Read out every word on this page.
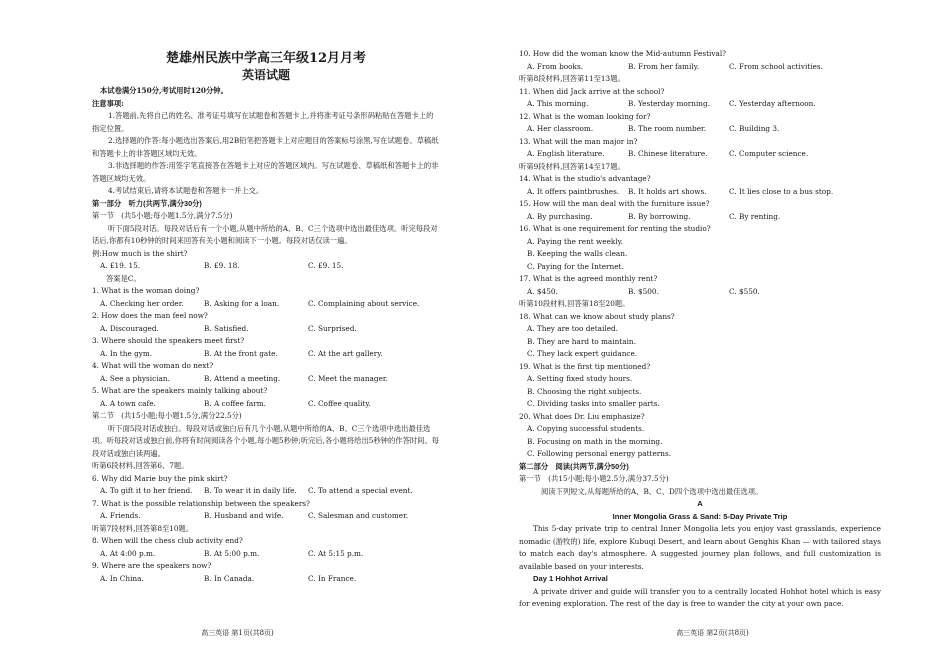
楚雄州民族中学高三年级12月月考
英语试题
本试卷满分150分,考试用时120分钟。
注意事项:
1.答题前,先将自己的姓名、准考证号填写在试题卷和答题卡上,并将准考证号条形码粘贴在答题卡上的指定位置。
2.选择题的作答:每小题选出答案后,用2B铅笔把答题卡上对应题目的答案标号涂黑,写在试题卷、草稿纸和答题卡上的非答题区域均无效。
3.非选择题的作答:用签字笔直接答在答题卡上对应的答题区域内。写在试题卷、草稿纸和答题卡上的非答题区域均无效。
4.考试结束后,请将本试题卷和答题卡一并上交。
第一部分　听力(共两节,满分30分)
第一节　(共5小题;每小题1.5分,满分7.5分)
听下面5段对话。每段对话后有一个小题,从题中所给的A、B、C三个选项中选出最佳选项。听完每段对话后,你都有10秒钟的时间来回答有关小题和阅读下一小题。每段对话仅读一遍。
例:How much is the shirt?
A. £19. 15.	B. £9. 18.	C. £9. 15.
答案是C。
1. What is the woman doing?
A. Checking her order.	B. Asking for a loan.	C. Complaining about service.
2. How does the man feel now?
A. Discouraged.	B. Satisfied.	C. Surprised.
3. Where should the speakers meet first?
A. In the gym.	B. At the front gate.	C. At the art gallery.
4. What will the woman do next?
A. See a physician.	B. Attend a meeting.	C. Meet the manager.
5. What are the speakers mainly talking about?
A. A town cafe.	B. A coffee farm.	C. Coffee quality.
第二节　(共15小题;每小题1.5分,满分22.5分)
听下面5段对话或独白。每段对话或独白后有几个小题,从题中所给的A、B、C三个选项中选出最佳选项。听每段对话或独白前,你将有时间阅读各个小题,每小题5秒钟;听完后,各小题将给出5秒钟的作答时间。每段对话或独白读两遍。
听第6段材料,回答第6、7题。
6. Why did Marie buy the pink skirt?
A. To gift it to her friend.	B. To wear it in daily life.	C. To attend a special event.
7. What is the possible relationship between the speakers?
A. Friends.	B. Husband and wife.	C. Salesman and customer.
听第7段材料,回答第8至10题。
8. When will the chess club activity end?
A. At 4:00 p.m.	B. At 5:00 p.m.	C. At 5:15 p.m.
9. Where are the speakers now?
A. In China.	B. In Canada.	C. In France.
高三英语 第1页(共8页)
10. How did the woman know the Mid-autumn Festival?
A. From books.	B. From her family.	C. From school activities.
听第8段材料,回答第11至13题。
11. When did Jack arrive at the school?
A. This morning.	B. Yesterday morning.	C. Yesterday afternoon.
12. What is the woman looking for?
A. Her classroom.	B. The room number.	C. Building 3.
13. What will the man major in?
A. English literature.	B. Chinese literature.	C. Computer science.
听第9段材料,回答第14至17题。
14. What is the studio's advantage?
A. It offers paintbrushes.	B. It holds art shows.	C. It lies close to a bus stop.
15. How will the man deal with the furniture issue?
A. By purchasing.	B. By borrowing.	C. By renting.
16. What is one requirement for renting the studio?
A. Paying the rent weekly.
B. Keeping the walls clean.
C. Paying for the Internet.
17. What is the agreed monthly rent?
A. $450.	B. $500.	C. $550.
听第10段材料,回答第18至20题。
18. What can we know about study plans?
A. They are too detailed.
B. They are hard to maintain.
C. They lack expert guidance.
19. What is the first tip mentioned?
A. Setting fixed study hours.
B. Choosing the right subjects.
C. Dividing tasks into smaller parts.
20. What does Dr. Liu emphasize?
A. Copying successful students.
B. Focusing on math in the morning.
C. Following personal energy patterns.
第二部分　阅读(共两节,满分50分)
第一节　(共15小题;每小题2.5分,满分37.5分)
阅读下列短文,从每题所给的A、B、C、D四个选项中选出最佳选项。
A
Inner Mongolia Grass & Sand: 5-Day Private Trip
This 5-day private trip to central Inner Mongolia lets you enjoy vast grasslands, experience nomadic (游牧的) life, explore Kubuqi Desert, and learn about Genghis Khan — with tailored stays to match each day's atmosphere. A suggested journey plan follows, and full customization is available based on your interests.
Day 1 Hohhot Arrival
A private driver and guide will transfer you to a centrally located Hohhot hotel which is easy for evening exploration. The rest of the day is free to wander the city at your own pace.
高三英语 第2页(共8页)
